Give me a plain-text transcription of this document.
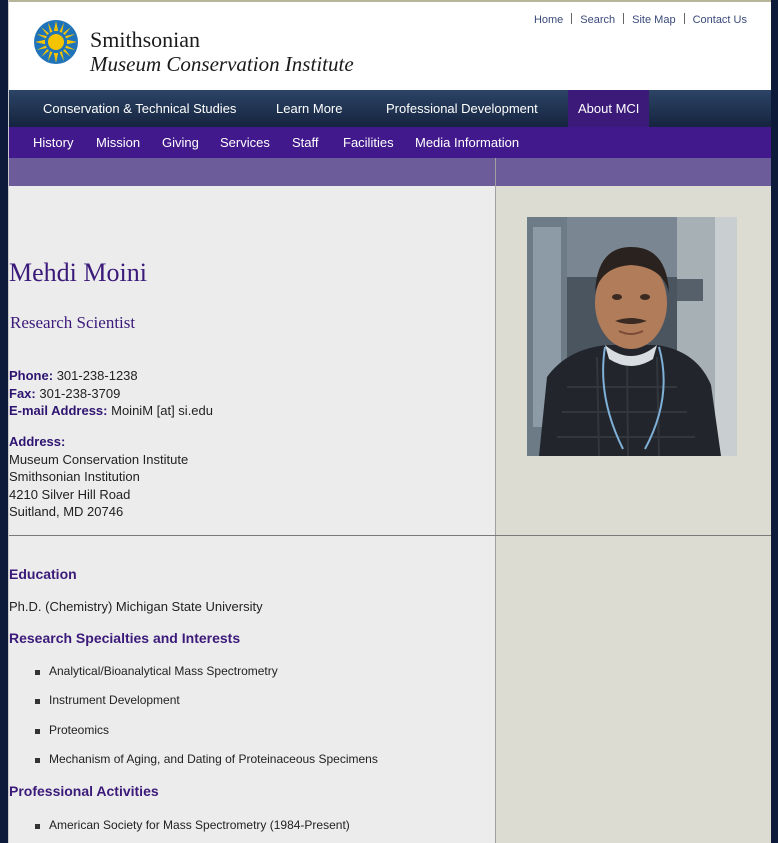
Smithsonian
Museum Conservation Institute
Home Search Site Map Contact Us
Conservation & Technical Studies	Learn More	Professional Development	About MCI
History Mission Giving Services Staff Facilities Media Information
Mehdi Moini
Research Scientist
Phone: 301-238-1238
Fax: 301-238-3709
E-mail Address: MoiniM [at] si.edu
Address:
Museum Conservation Institute
Smithsonian Institution
4210 Silver Hill Road
Suitland, MD 20746
Education
Ph.D. (Chemistry) Michigan State University
Research Specialties and Interests
Analytical/Bioanalytical Mass Spectrometry
Instrument Development
Proteomics
Mechanism of Aging, and Dating of Proteinaceous Specimens
Professional Activities
American Society for Mass Spectrometry (1984-Present)
